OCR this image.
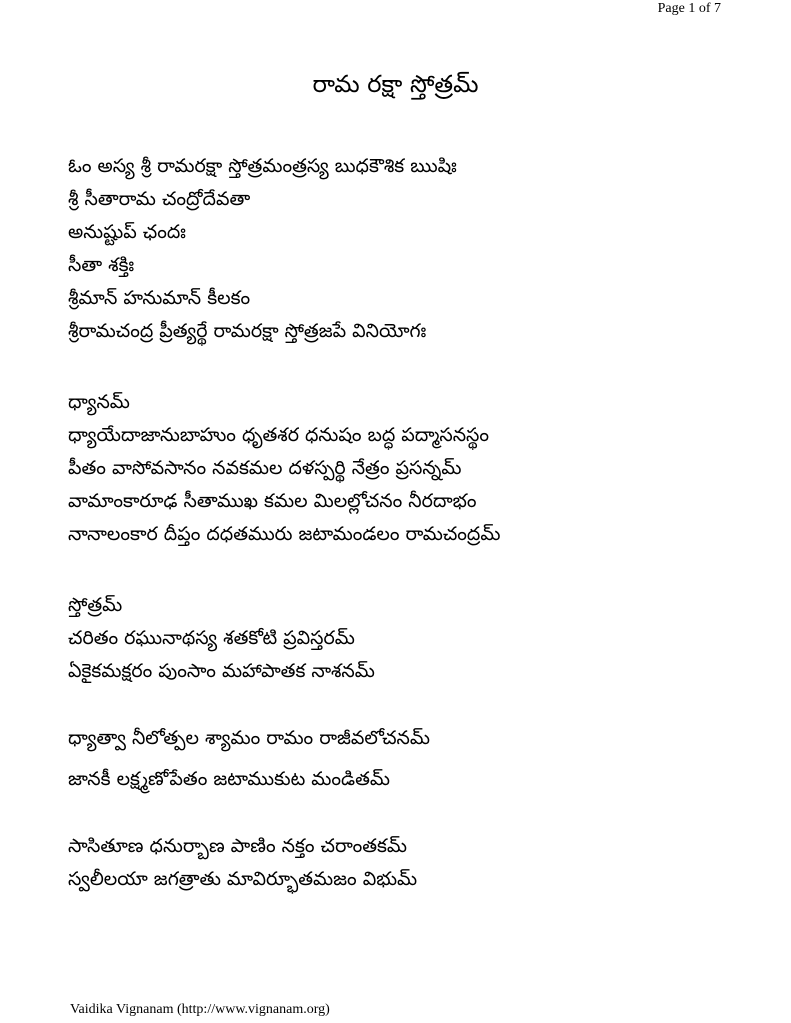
Page 1 of 7
రామ రక్షా స్తోత్రమ్

ఓం అస్య శ్రీ రామరక్షా స్తోత్రమంత్రస్య బుధకౌశిక ఋషిః

శ్రీ సీతారామ చంద్రోదేవతా

అనుష్టుప్ ఛందః

సీతా శక్తిః

శ్రీమాన్ హనుమాన్ కీలకం

శ్రీరామచంద్ర ప్రీత్యర్థే రామరక్షా స్తోత్రజపే వినియోగః

ధ్యానమ్

ధ్యాయేదాజానుబాహుం ధృతశర ధనుషం బద్ధ పద్మాసనస్థం

పీతం వాసోవసానం నవకమల దళస్పర్థి నేత్రం ప్రసన్నమ్

వామాంకారూఢ సీతాముఖ కమల మిలల్లోచనం నీరదాభం

నానాలంకార దీప్తం దధతమురు జటామండలం రామచంద్రమ్

స్తోత్రమ్

చరితం రఘునాథస్య శతకోటి ప్రవిస్తరమ్

ఏకైకమక్షరం పుంసాం మహాపాతక నాశనమ్

ధ్యాత్వా నీలోత్పల శ్యామం రామం రాజీవలోచనమ్

జానకీ లక్ష్మణోపేతం జటాముకుట మండితమ్

సాసితూణ ధనుర్బాణ పాణిం నక్తం చరాంతకమ్

స్వలీలయా జగత్రాతు మావిర్భూతమజం విభుమ్

Vaidika Vignanam (http://www.vignanam.org)
